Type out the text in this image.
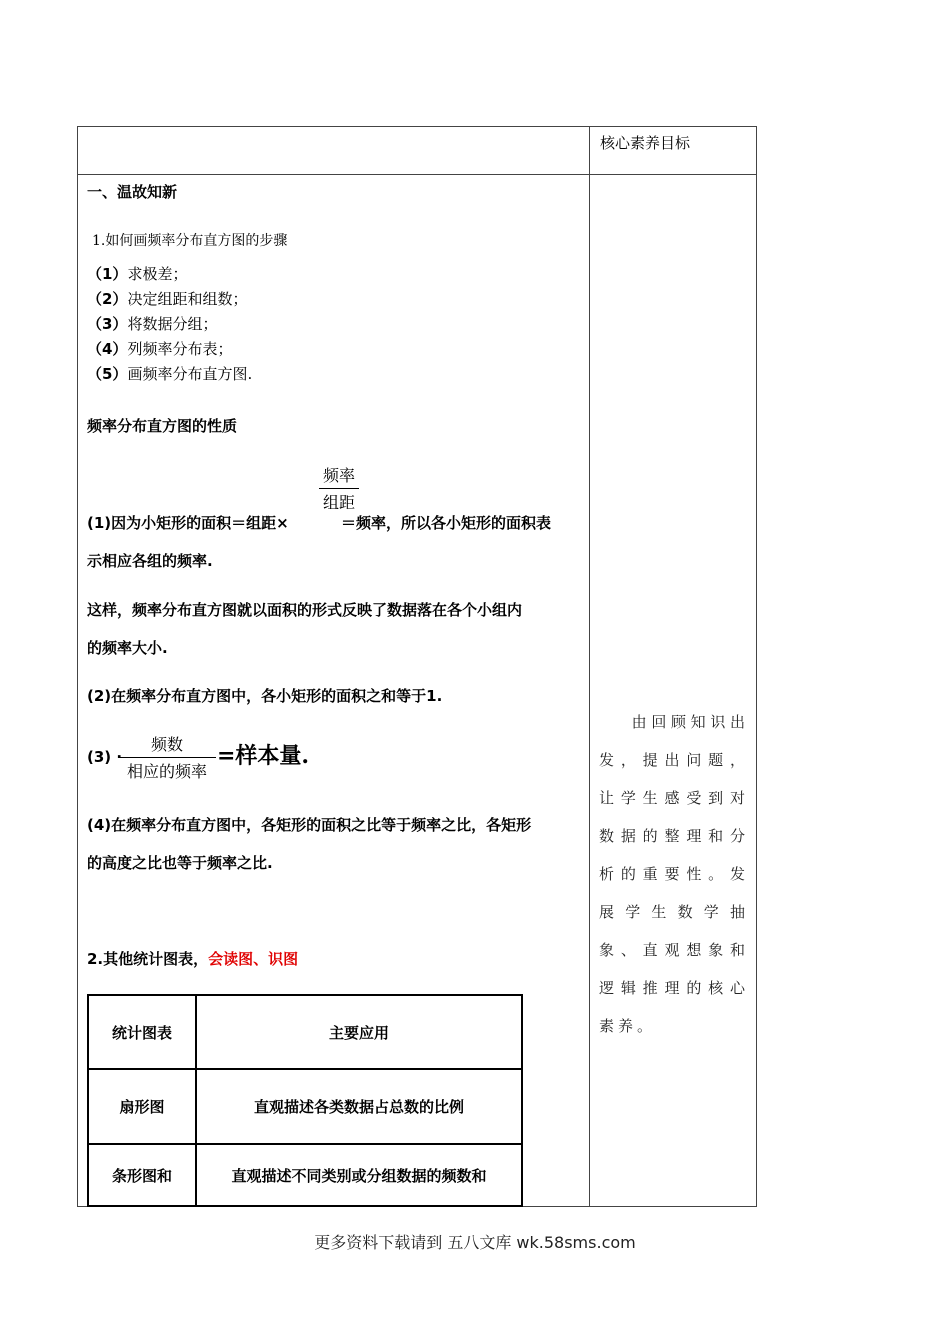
核心素养目标
一、温故知新
1.如何画频率分布直方图的步骤
（1）求极差；
（2）决定组距和组数；
（3）将数据分组；
（4）列频率分布表；
（5）画频率分布直方图.
频率分布直方图的性质
频率
组距
(1)因为小矩形的面积＝组距×	＝频率，所以各小矩形的面积表
示相应各组的频率.
这样，频率分布直方图就以面积的形式反映了数据落在各个小组内
的频率大小.
(2)在频率分布直方图中，各小矩形的面积之和等于1.
(3) ·
频数
相应的频率
=样本量.
(4)在频率分布直方图中，各矩形的面积之比等于频率之比，各矩形
的高度之比也等于频率之比.
2.其他统计图表，会读图、识图
统计图表	主要应用
扇形图	直观描述各类数据占总数的比例
条形图和	直观描述不同类别或分组数据的频数和
由回顾知识出发，提出问题，让学生感受到对数据的整理和分析的重要性。发展学生数学抽象、直观想象和逻辑推理的核心素养。
更多资料下载请到 五八文库 wk.58sms.com
